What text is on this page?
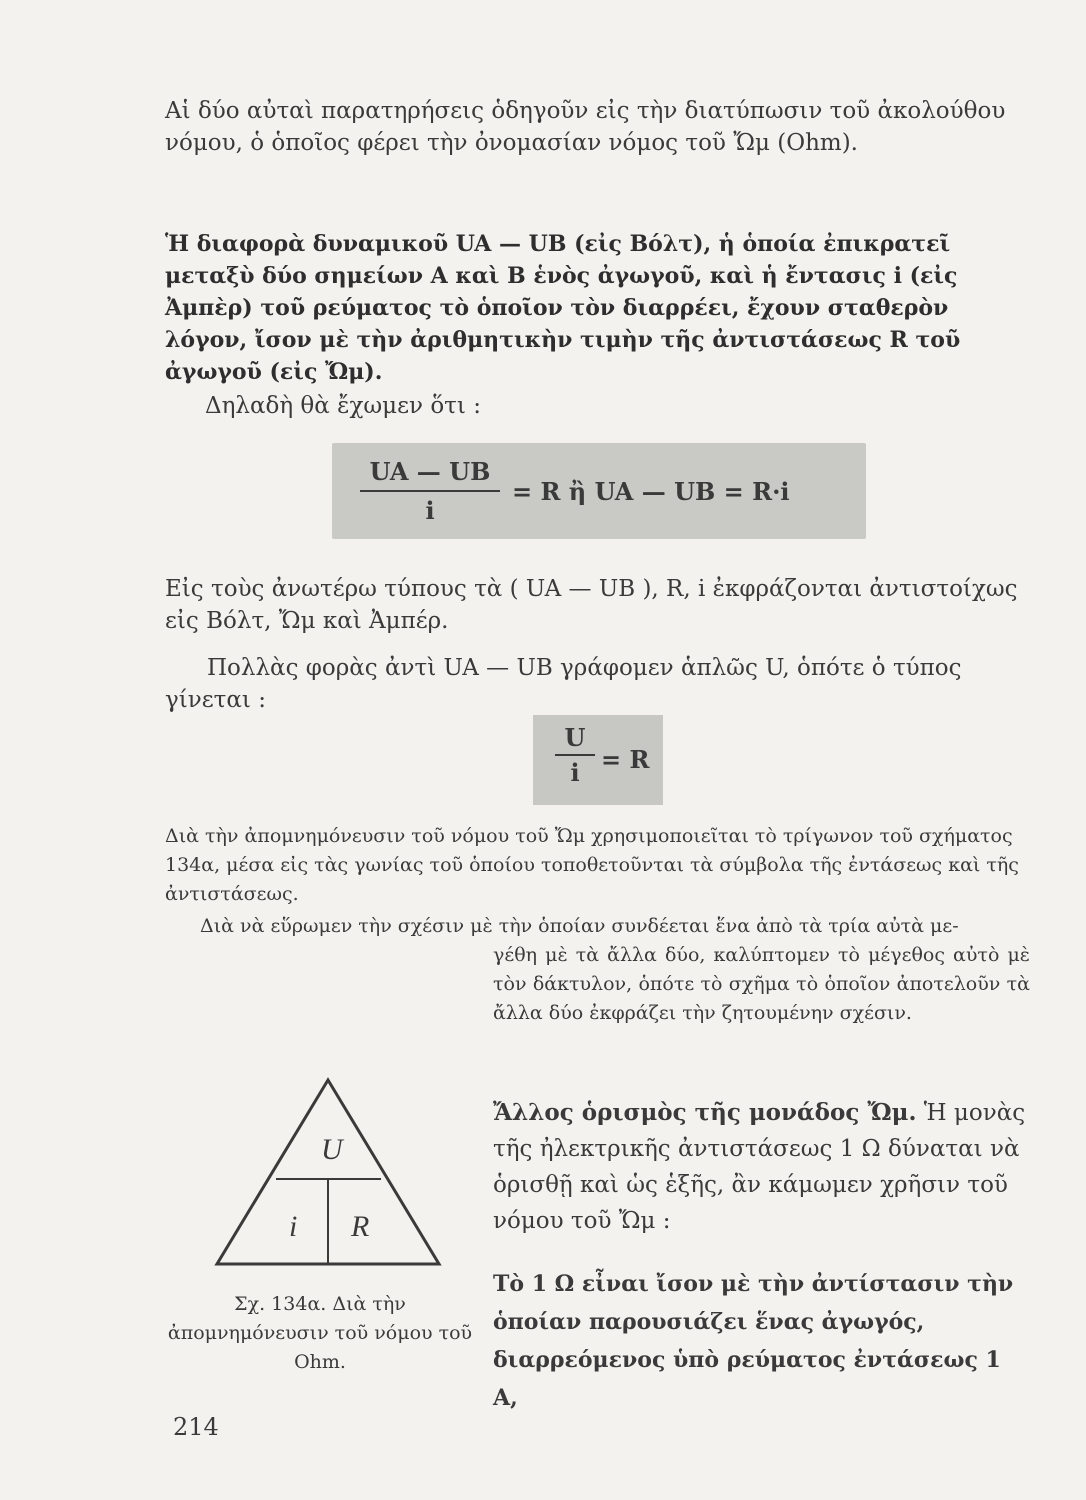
Αἱ δύο αὐταὶ παρατηρήσεις ὁδηγοῦν εἰς τὴν διατύπωσιν τοῦ ἀκολούθου νόμου, ὁ ὁποῖος φέρει τὴν ὀνομασίαν νόμος τοῦ Ὤμ (Ohm).
Ἡ διαφορὰ δυναμικοῦ UA — UB (εἰς Βόλτ), ἡ ὁποία ἐπικρατεῖ μεταξὺ δύο σημείων Α καὶ Β ἑνὸς ἀγωγοῦ, καὶ ἡ ἔντασις i (εἰς Ἀμπὲρ) τοῦ ρεύματος τὸ ὁποῖον τὸν διαρρέει, ἔχουν σταθερὸν λόγον, ἴσον μὲ τὴν ἀριθμητικὴν τιμὴν τῆς ἀντιστάσεως R τοῦ ἀγωγοῦ (εἰς Ὤμ).
Δηλαδὴ θὰ ἔχωμεν ὅτι :
$\frac{UA — UB}{i} = R$ ἢ UA — UB = R·i
Εἰς τοὺς ἀνωτέρω τύπους τὰ ( UA — UB ), R, i ἐκφράζονται ἀντιστοίχως εἰς Βόλτ, Ὤμ καὶ Ἀμπέρ.
Πολλὰς φορὰς ἀντὶ UA — UB γράφομεν ἁπλῶς U, ὁπότε ὁ τύπος γίνεται :
$\frac{U}{i} = R$
Διὰ τὴν ἀπομνημόνευσιν τοῦ νόμου τοῦ Ὤμ χρησιμοποιεῖται τὸ τρίγωνον τοῦ σχήματος 134α, μέσα εἰς τὰς γωνίας τοῦ ὁποίου τοποθετοῦνται τὰ σύμβολα τῆς ἐντάσεως καὶ τῆς ἀντιστάσεως.
Διὰ νὰ εὕρωμεν τὴν σχέσιν μὲ τὴν ὁποίαν συνδέεται ἕνα ἀπὸ τὰ τρία αὐτὰ με-
γέθη μὲ τὰ ἄλλα δύο, καλύπτομεν τὸ μέγεθος αὐτὸ μὲ τὸν δάκτυλον, ὁπότε τὸ σχῆμα τὸ ὁποῖον ἀποτελοῦν τὰ ἄλλα δύο ἐκφράζει τὴν ζητουμένην σχέσιν.
U
i R
Ἄλλος ὁρισμὸς τῆς μονάδος Ὤμ. Ἡ μονὰς τῆς ἠλεκτρικῆς ἀντιστάσεως 1 Ω δύναται νὰ ὁρισθῇ καὶ ὡς ἑξῆς, ἂν κάμωμεν χρῆσιν τοῦ νόμου τοῦ Ὤμ :
Σχ. 134α. Διὰ τὴν ἀπομνημόνευσιν τοῦ νόμου τοῦ Ohm.
Τὸ 1 Ω εἶναι ἴσον μὲ τὴν ἀντίστασιν τὴν ὁποίαν παρουσιάζει ἕνας ἀγωγός, διαρρεόμενος ὑπὸ ρεύματος ἐντάσεως 1 Α,
214
